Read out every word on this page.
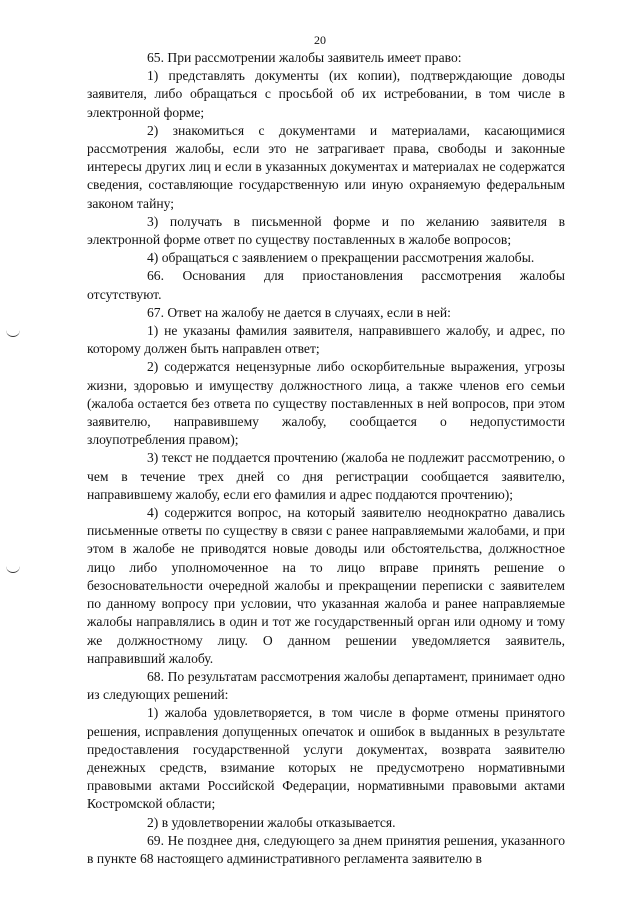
20

65. При рассмотрении жалобы заявитель имеет право:

1) представлять документы (их копии), подтверждающие доводы заявителя, либо обращаться с просьбой об их истребовании, в том числе в электронной форме;

2) знакомиться с документами и материалами, касающимися рассмотрения жалобы, если это не затрагивает права, свободы и законные интересы других лиц и если в указанных документах и материалах не содержатся сведения, составляющие государственную или иную охраняемую федеральным законом тайну;

3) получать в письменной форме и по желанию заявителя в электронной форме ответ по существу поставленных в жалобе вопросов;

4) обращаться с заявлением о прекращении рассмотрения жалобы.

66. Основания для приостановления рассмотрения жалобы отсутствуют.

67. Ответ на жалобу не дается в случаях, если в ней:

1) не указаны фамилия заявителя, направившего жалобу, и адрес, по которому должен быть направлен ответ;

2) содержатся нецензурные либо оскорбительные выражения, угрозы жизни, здоровью и имуществу должностного лица, а также членов его семьи (жалоба остается без ответа по существу поставленных в ней вопросов, при этом заявителю, направившему жалобу, сообщается о недопустимости злоупотребления правом);

3) текст не поддается прочтению (жалоба не подлежит рассмотрению, о чем в течение трех дней со дня регистрации сообщается заявителю, направившему жалобу, если его фамилия и адрес поддаются прочтению);

4) содержится вопрос, на который заявителю неоднократно давались письменные ответы по существу в связи с ранее направляемыми жалобами, и при этом в жалобе не приводятся новые доводы или обстоятельства, должностное лицо либо уполномоченное на то лицо вправе принять решение о безосновательности очередной жалобы и прекращении переписки с заявителем по данному вопросу при условии, что указанная жалоба и ранее направляемые жалобы направлялись в один и тот же государственный орган или одному и тому же должностному лицу. О данном решении уведомляется заявитель, направивший жалобу.

68. По результатам рассмотрения жалобы департамент, принимает одно из следующих решений:

1) жалоба удовлетворяется, в том числе в форме отмены принятого решения, исправления допущенных опечаток и ошибок в выданных в результате предоставления государственной услуги документах, возврата заявителю денежных средств, взимание которых не предусмотрено нормативными правовыми актами Российской Федерации, нормативными правовыми актами Костромской области;

2) в удовлетворении жалобы отказывается.

69. Не позднее дня, следующего за днем принятия решения, указанного в пункте 68 настоящего административного регламента заявителю в
